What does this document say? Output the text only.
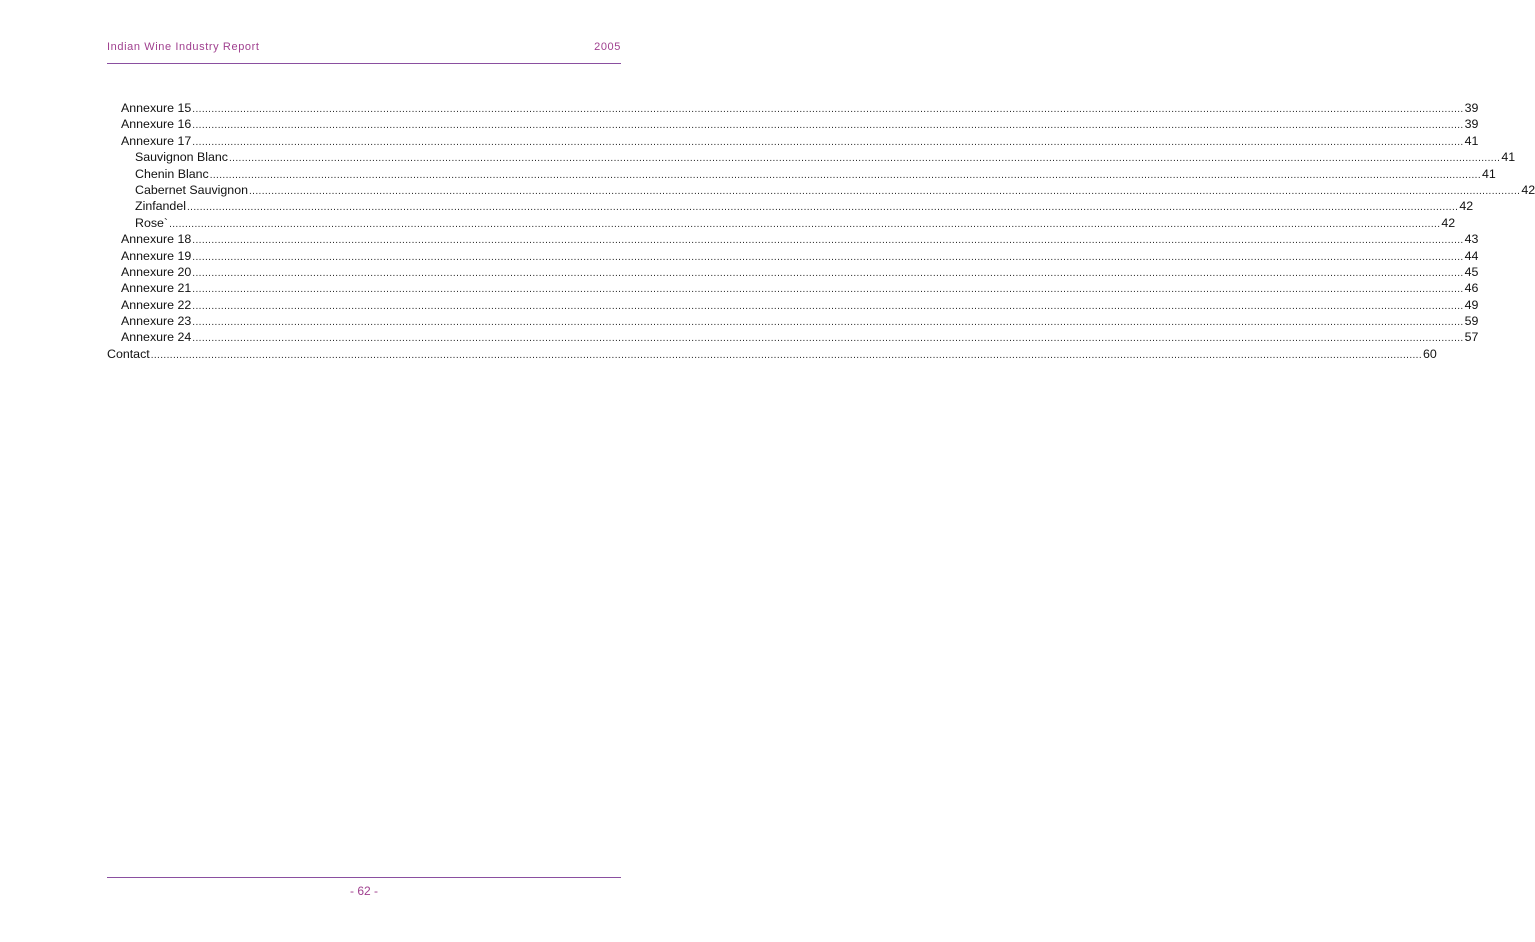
Indian Wine Industry Report	2005
Annexure 15 ................................................................................................................................................................................................................................................................................................................................................................................................................ 39
Annexure 16 ................................................................................................................................................................................................................................................................................................................................................................................................................ 39
Annexure 17 ................................................................................................................................................................................................................................................................................................................................................................................................................ 41
Sauvignon Blanc ................................................................................................................................................................................................................................................................................................................................................................................................................ 41
Chenin Blanc ................................................................................................................................................................................................................................................................................................................................................................................................................ 41
Cabernet Sauvignon ................................................................................................................................................................................................................................................................................................................................................................................................................ 42
Zinfandel ................................................................................................................................................................................................................................................................................................................................................................................................................ 42
Rose` ................................................................................................................................................................................................................................................................................................................................................................................................................ 42
Annexure 18 ................................................................................................................................................................................................................................................................................................................................................................................................................ 43
Annexure 19 ................................................................................................................................................................................................................................................................................................................................................................................................................ 44
Annexure 20 ................................................................................................................................................................................................................................................................................................................................................................................................................ 45
Annexure 21 ................................................................................................................................................................................................................................................................................................................................................................................................................ 46
Annexure 22 ................................................................................................................................................................................................................................................................................................................................................................................................................ 49
Annexure 23 ................................................................................................................................................................................................................................................................................................................................................................................................................ 59
Annexure 24 ................................................................................................................................................................................................................................................................................................................................................................................................................ 57
Contact ................................................................................................................................................................................................................................................................................................................................................................................................................ 60
- 62 -
